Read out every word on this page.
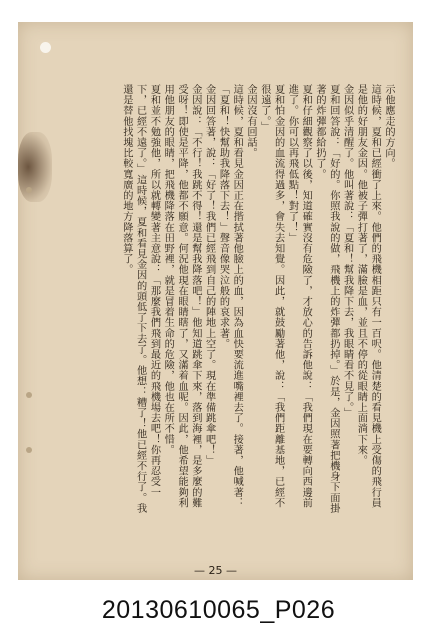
示他應走的方向。

這時候，夏和已經衝了上來。他們的飛機相距只有一百呎。他清楚的看見機上受傷的飛行員是他的好朋友金因。他被子彈打著了，滿臉是血，並且不停的從眼睛上面淌下來。

金因似乎清醒了。他叫著說：「夏和！幫我降下去，我眼睛看不見了。」

夏和回答說：「好的。你照我說的做，飛機上的炸彈都扔掉。」於是，金因照著把機身下面掛著的炸彈都給扔了。

夏和仔細觀察了以後，知道確實沒有危險了，才放心的告訴他說：「我們現在要轉向西邊前進了。你可以再飛低點！對了！」

夏和怕金因的血流得過多，會失去知覺。因此，就鼓勵著他，說：「我們距離基地，已經不很遠了。」

金因沒有回話。

這時候，夏和看見金因正在揩拭著他臉上的血，因為血快要流進嘴裡去了。接著，他喊著：「夏和！快幫助我降落下去！」聲音像哭泣般的哀求著。

金因回答著，說：「好了！我們已經飛到自己的陣地上空了。現在準備跳傘吧！」

金因說：「不行！我跳不得！還是幫我降落吧！」他知道跳傘下來，落到海裡，是多麼的難受呀！即使是平降，他都不願意。何況他現在眼睛瞎了，又滿着血呢。因此，他希望能夠利用他朋友的眼睛，把飛機降落在田野裡，就是冒着生命的危險，他也在所不惜。

夏和並不勉強他，所以就轉變著主意說：「那麼我們飛到最近的飛機場去吧！你再忍受一下，已經不遠了。」這時候，夏和看見金因的頭低了下去了。他想：糟了！他已經不行了。我還是替他找塊比較寬廣的地方降落算了。

— 25 —
20130610065_P026
